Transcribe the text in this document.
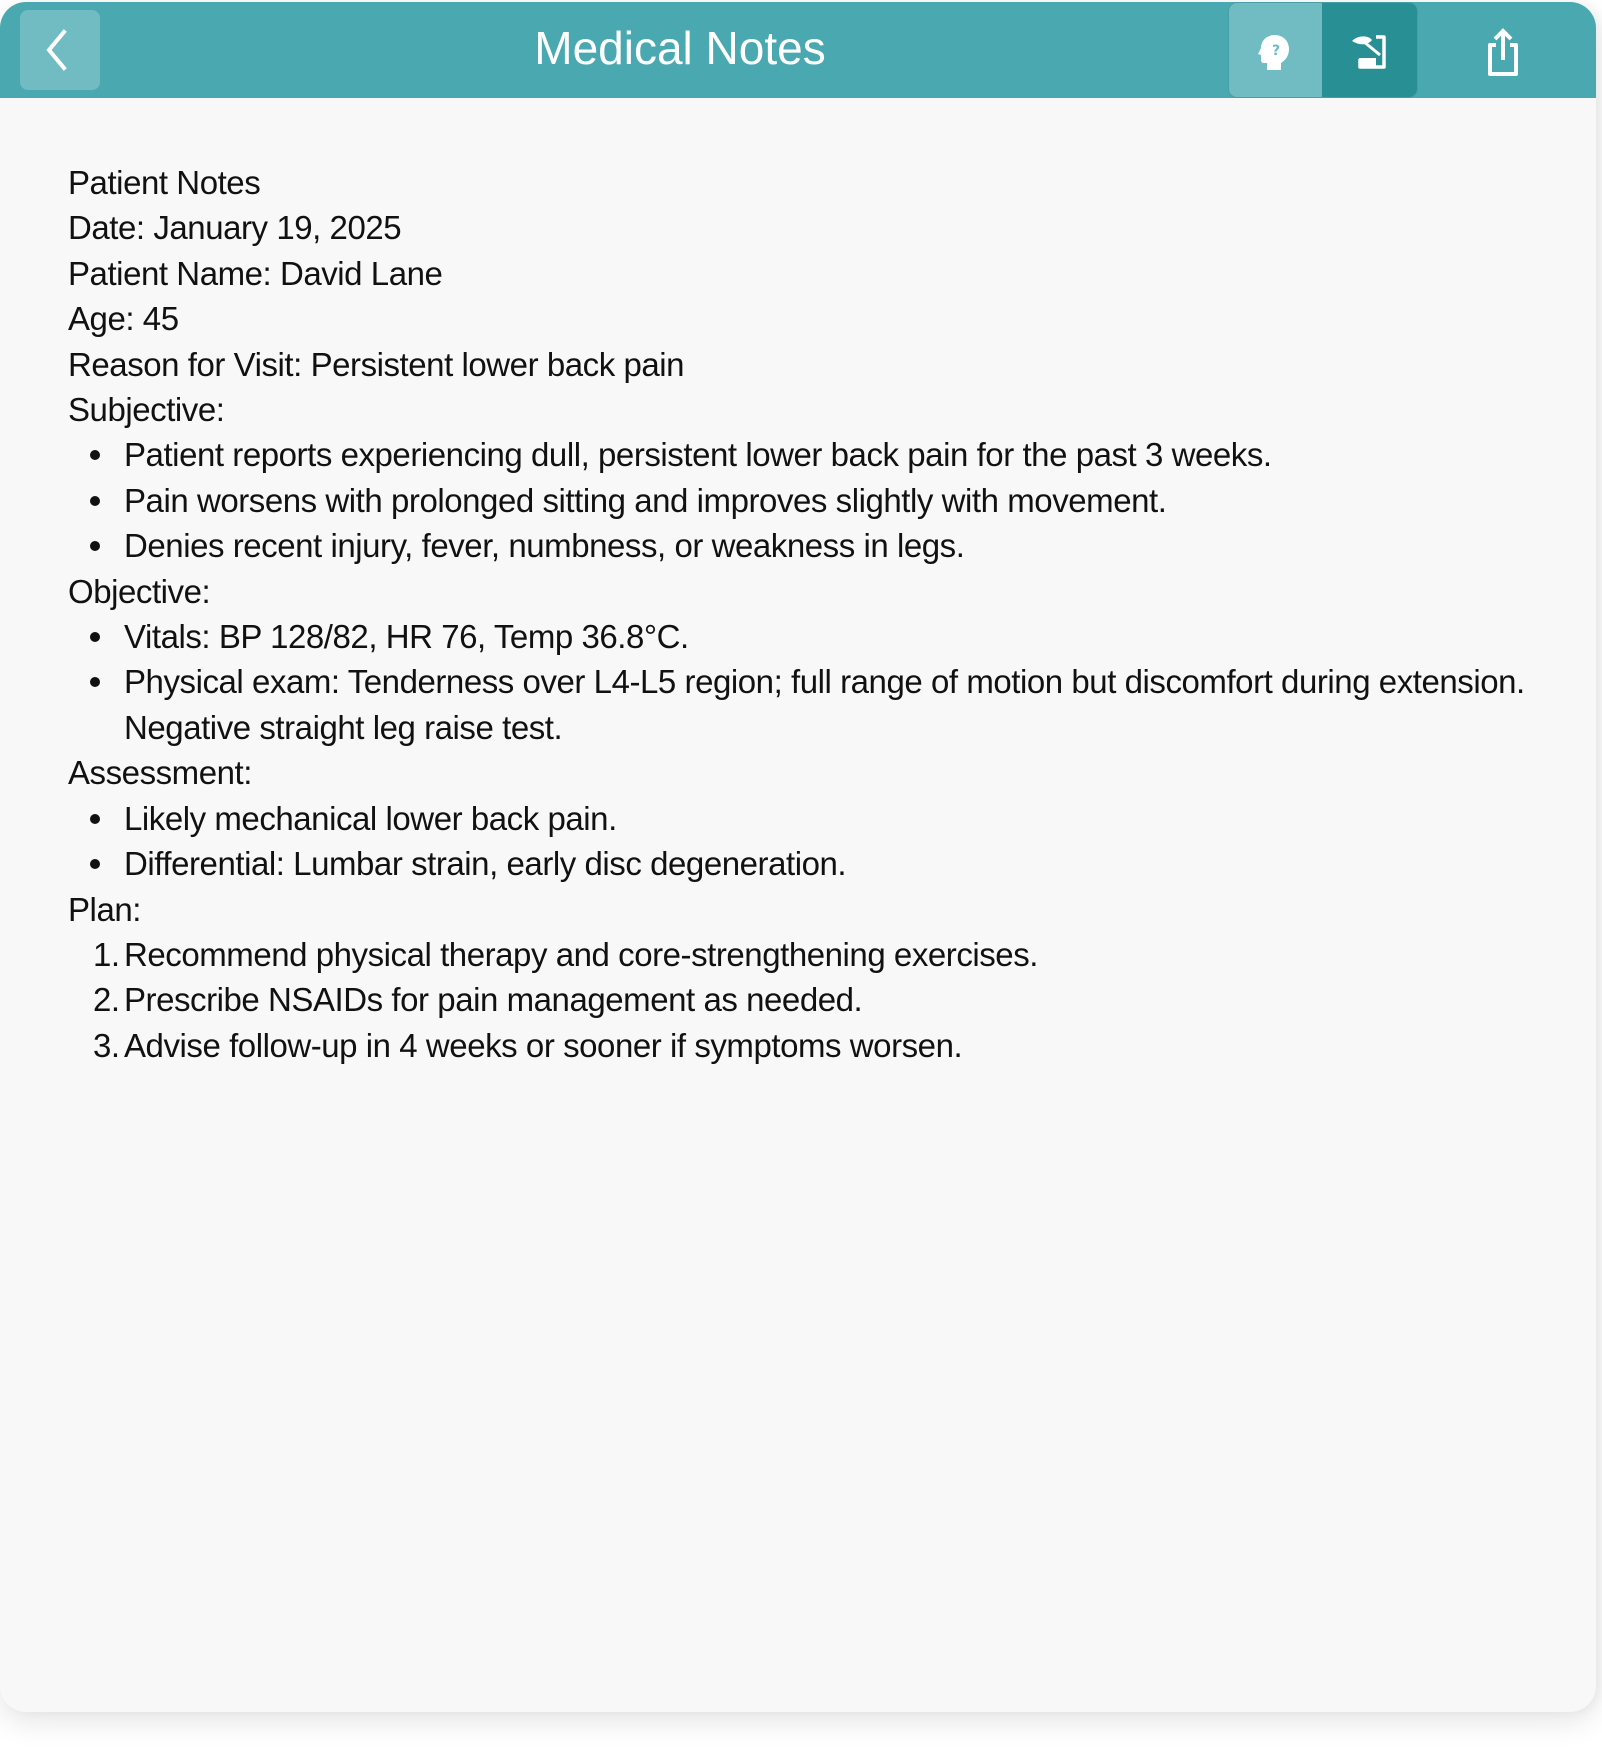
Medical Notes	?
Patient Notes
Date: January 19, 2025
Patient Name: David Lane
Age: 45
Reason for Visit: Persistent lower back pain
Subjective:
Patient reports experiencing dull, persistent lower back pain for the past 3 weeks.
Pain worsens with prolonged sitting and improves slightly with movement.
Denies recent injury, fever, numbness, or weakness in legs.
Objective:
Vitals: BP 128/82, HR 76, Temp 36.8°C.
Physical exam: Tenderness over L4-L5 region; full range of motion but discomfort during extension. Negative straight leg raise test.
Assessment:
Likely mechanical lower back pain.
Differential: Lumbar strain, early disc degeneration.
Plan:
1. Recommend physical therapy and core-strengthening exercises.
2. Prescribe NSAIDs for pain management as needed.
3. Advise follow-up in 4 weeks or sooner if symptoms worsen.
